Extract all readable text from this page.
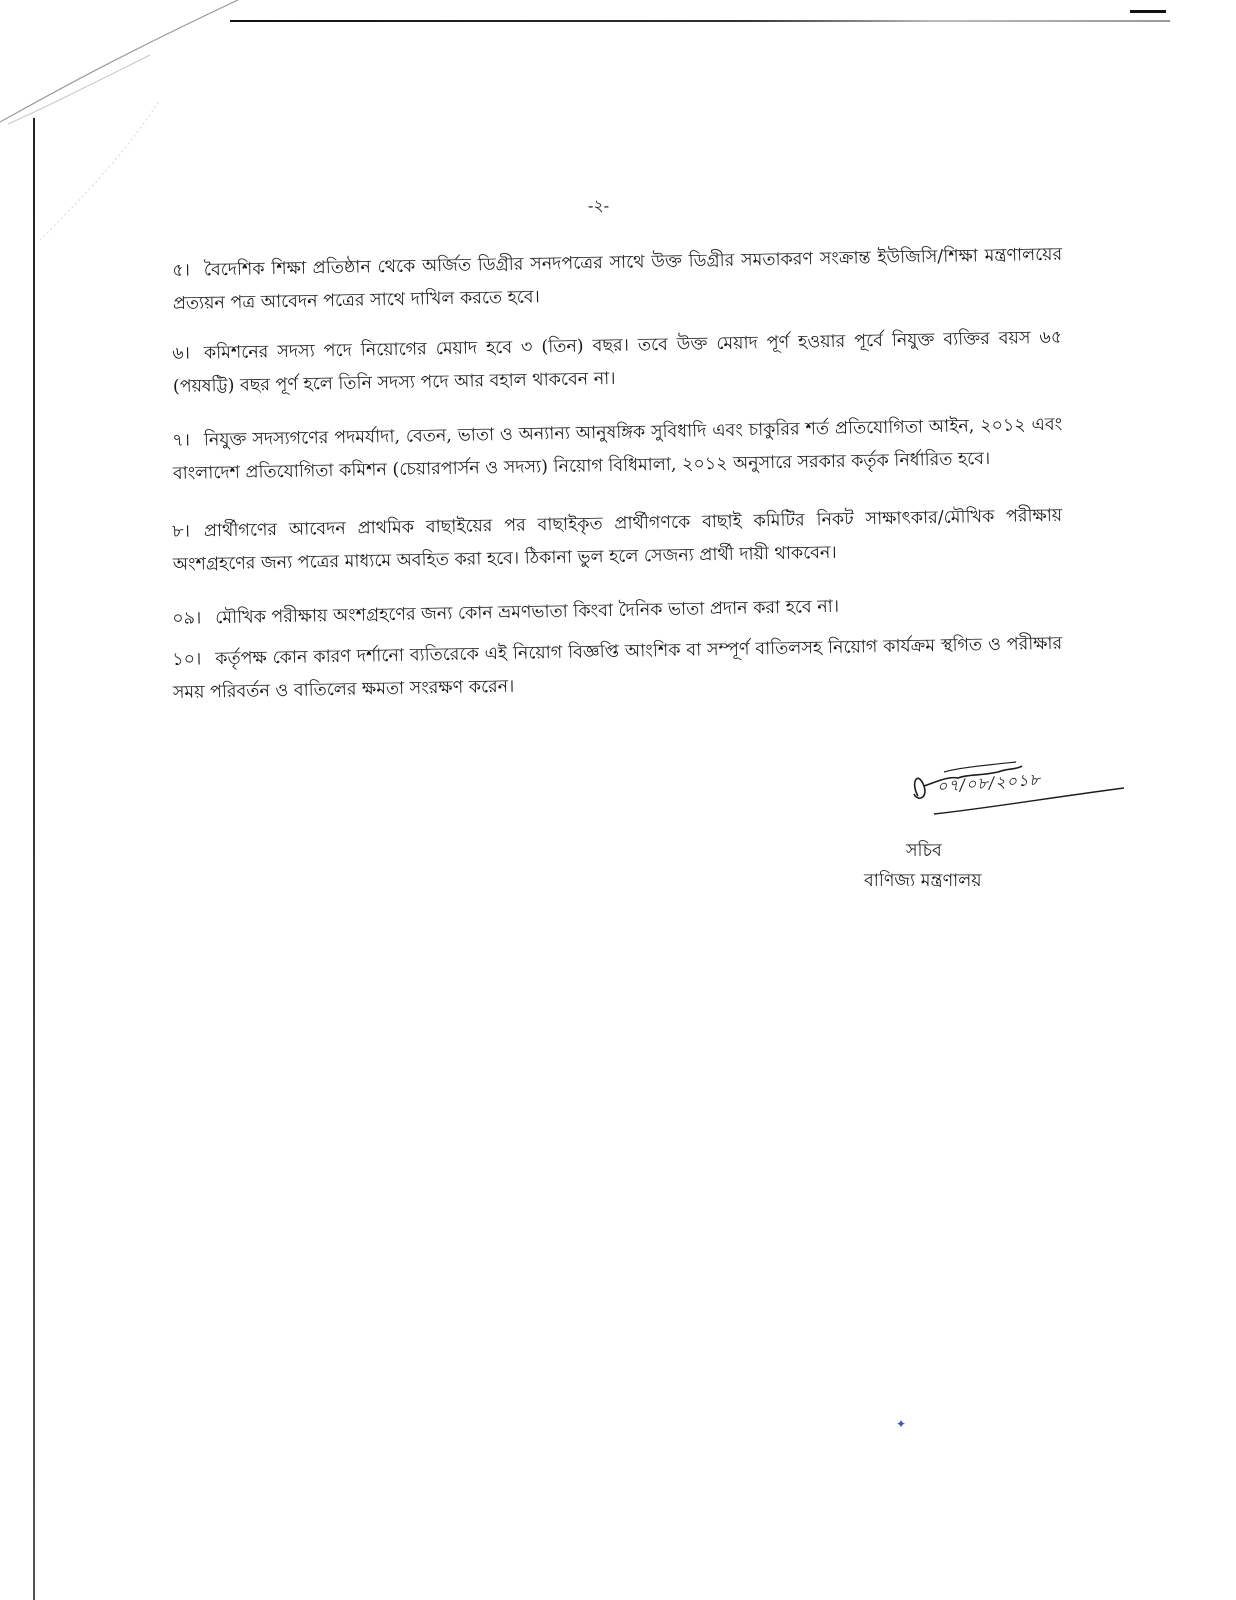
-২-
৫। বৈদেশিক শিক্ষা প্রতিষ্ঠান থেকে অর্জিত ডিগ্রীর সনদপত্রের সাথে উক্ত ডিগ্রীর সমতাকরণ সংক্রান্ত ইউজিসি/শিক্ষা মন্ত্রণালয়ের প্রত্যয়ন পত্র আবেদন পত্রের সাথে দাখিল করতে হবে।
৬। কমিশনের সদস্য পদে নিয়োগের মেয়াদ হবে ৩ (তিন) বছর। তবে উক্ত মেয়াদ পূর্ণ হওয়ার পূর্বে নিযুক্ত ব্যক্তির বয়স ৬৫ (পয়ষট্টি) বছর পূর্ণ হলে তিনি সদস্য পদে আর বহাল থাকবেন না।
৭। নিযুক্ত সদস্যগণের পদমর্যাদা, বেতন, ভাতা ও অন্যান্য আনুষঙ্গিক সুবিধাদি এবং চাকুরির শর্ত প্রতিযোগিতা আইন, ২০১২ এবং বাংলাদেশ প্রতিযোগিতা কমিশন (চেয়ারপার্সন ও সদস্য) নিয়োগ বিধিমালা, ২০১২ অনুসারে সরকার কর্তৃক নির্ধারিত হবে।
৮। প্রার্থীগণের আবেদন প্রাথমিক বাছাইয়ের পর বাছাইকৃত প্রার্থীগণকে বাছাই কমিটির নিকট সাক্ষাৎকার/মৌখিক পরীক্ষায় অংশগ্রহণের জন্য পত্রের মাধ্যমে অবহিত করা হবে। ঠিকানা ভুল হলে সেজন্য প্রার্থী দায়ী থাকবেন।
০৯। মৌখিক পরীক্ষায় অংশগ্রহণের জন্য কোন ভ্রমণভাতা কিংবা দৈনিক ভাতা প্রদান করা হবে না।
১০। কর্তৃপক্ষ কোন কারণ দর্শানো ব্যতিরেকে এই নিয়োগ বিজ্ঞপ্তি আংশিক বা সম্পূর্ণ বাতিলসহ নিয়োগ কার্যক্রম স্থগিত ও পরীক্ষার সময় পরিবর্তন ও বাতিলের ক্ষমতা সংরক্ষণ করেন।
০৭/০৮/২০১৮
সচিব
বাণিজ্য মন্ত্রণালয়
✦
